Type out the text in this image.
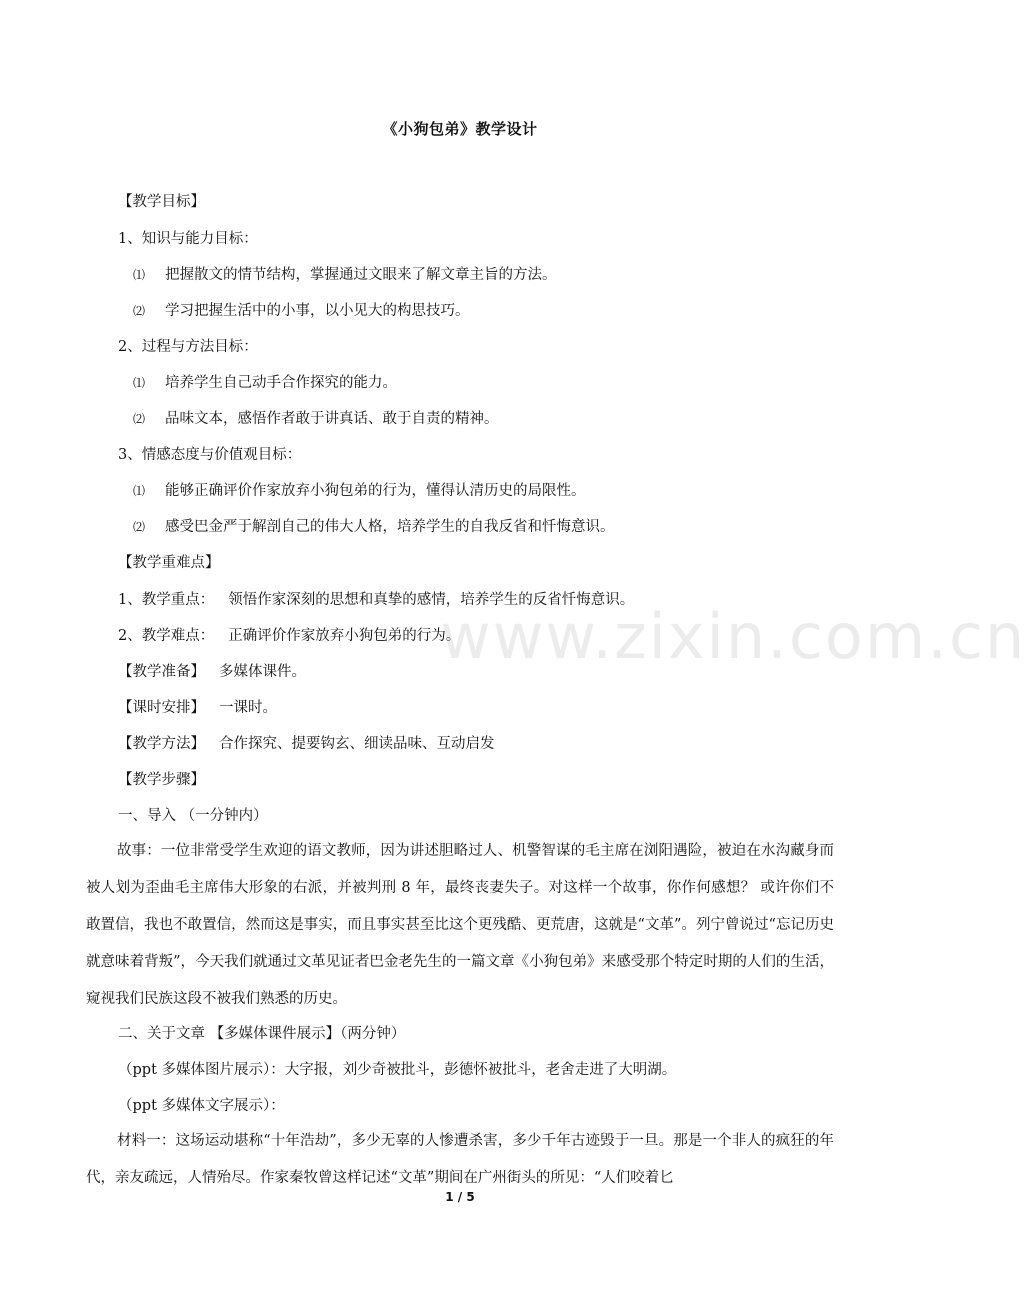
《小狗包弟》教学设计
【教学目标】
1、知识与能力目标：
⑴ 把握散文的情节结构，掌握通过文眼来了解文章主旨的方法。
⑵ 学习把握生活中的小事，以小见大的构思技巧。
2、过程与方法目标：
⑴ 培养学生自己动手合作探究的能力。
⑵ 品味文本，感悟作者敢于讲真话、敢于自责的精神。
3、情感态度与价值观目标：
⑴ 能够正确评价作家放弃小狗包弟的行为，懂得认清历史的局限性。
⑵ 感受巴金严于解剖自己的伟大人格，培养学生的自我反省和忏悔意识。
【教学重难点】
1、教学重点： 领悟作家深刻的思想和真挚的感情，培养学生的反省忏悔意识。
2、教学难点： 正确评价作家放弃小狗包弟的行为。
【教学准备】 多媒体课件。
【课时安排】 一课时。
【教学方法】 合作探究、提要钩玄、细读品味、互动启发
【教学步骤】
一、导入 （一分钟内）
故事：一位非常受学生欢迎的语文教师，因为讲述胆略过人、机警智谋的毛主席在浏阳遇险，被迫在水沟藏身而被人划为歪曲毛主席伟大形象的右派，并被判刑 8 年，最终丧妻失子。对这样一个故事，你作何感想？ 或许你们不敢置信，我也不敢置信，然而这是事实，而且事实甚至比这个更残酷、更荒唐，这就是“文革”。列宁曾说过“忘记历史就意味着背叛”，今天我们就通过文革见证者巴金老先生的一篇文章《小狗包弟》来感受那个特定时期的人们的生活，窥视我们民族这段不被我们熟悉的历史。
二、关于文章 【多媒体课件展示】（两分钟）
（ppt 多媒体图片展示）：大字报，刘少奇被批斗，彭德怀被批斗，老舍走进了大明湖。
（ppt 多媒体文字展示）：
材料一：这场运动堪称“十年浩劫”，多少无辜的人惨遭杀害，多少千年古迹毁于一旦。那是一个非人的疯狂的年代，亲友疏远，人情殆尽。作家秦牧曾这样记述“文革”期间在广州街头的所见：“人们咬着匕
1 / 5
www.zixin.com.cn
